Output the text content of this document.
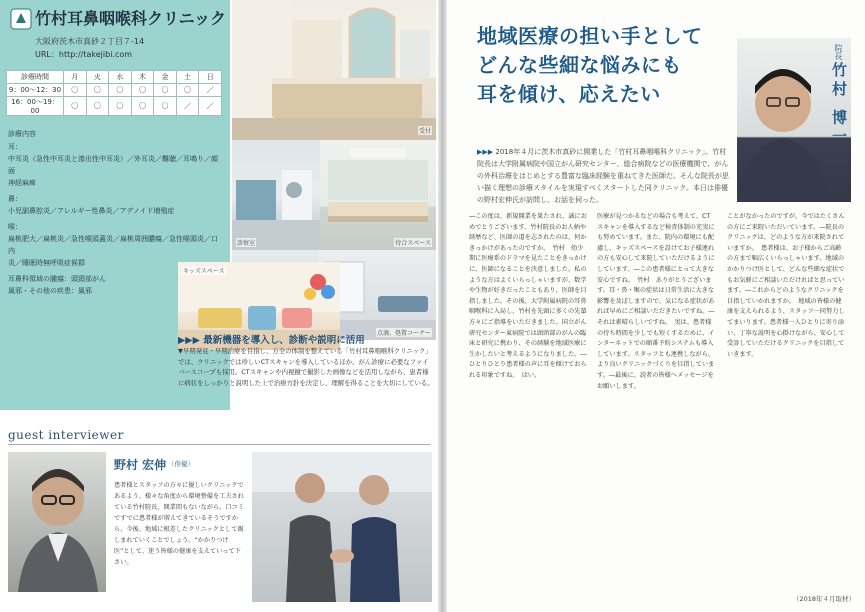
竹村耳鼻咽喉科クリニック
大阪府茨木市真砂２丁目７-14
URL：http://takejibi.com
診療時間	月	火	水	木	金	土	日
9：00～12：30	〇	〇	〇	〇	〇	〇	／
16：00～19：00	〇	〇	〇	〇	〇	／	／
診療内容
耳：
中耳炎（急性中耳炎と滲出性中耳炎）／外耳炎／難聴／耳鳴り／顔面
神経麻痺
鼻：
小児副鼻腔炎／アレルギー性鼻炎／アデノイド増殖症
喉：
扁桃肥大／扁桃炎／急性喉頭蓋炎／扁桃周囲膿瘍／急性喉頭炎／口内
炎／睡眠時無呼吸症候群
耳鼻科領域の腫瘍：頭頸部がん
風邪・その他の疾患：風邪
受付
待合スペース
診察室
点滴、処置コーナー
キッズスペース
▶▶▶ 最新機器を導入し、診断や説明に活用
▼早期発見・早期治療を目指し、万全の体制を整えている「竹村耳鼻咽喉科クリニック」では、クリニックでは珍しいCTスキャンを導入しているほか、がん診療に必要なファイバースコープも採用。CTスキャンや内視鏡で撮影した画像などを活用しながら、患者様に病状をしっかりと説明した上で治療方針を決定し、理解を得ることを大切にしている。
guest interviewer
野村 宏伸 （俳優）
患者様とスタッフの方々に優しいクリニックであるよう、様々な角度から環境整備を工夫されている竹村院長。開業間もないながら、口コミですでに患者様が増えてきているそうですから、今後、地域に根差したクリニックとして親しまれていくことでしょう。“かかりつけ医”として、迷う皆様の健康を支えていって下さい。
地域医療の担い手として
どんな些細な悩みにも
耳を傾け、応えたい
院長
竹村 博一
▶▶▶ 2018年４月に茨木市真砂に開業した「竹村耳鼻咽喉科クリニック」。竹村院長は大学附属病院や国立がん研究センター、総合病院などの医療機関で、がんの外科治療をはじめとする豊富な臨床経験を重ねてきた医師だ。そんな院長が思い描く理想の診療スタイルを実現すべくスタートした同クリニック。本日は俳優の野村宏伸氏が訪問し、お話を伺った。
―この度は、新規開業を果たされ、誠におめでとうございます。竹村院長のお人柄や経歴など、医師の道を志されたのは、何かきっかけがあったのですか。　竹村　幼少期に医療系のドラマを見たことをきっかけに、医師になることを決意しました。私のような方はよくいらっしゃいますが、数学や生物が好きだったこともあり、医師を目指しました。その後、大学附属病院の耳鼻咽喉科に入局し、竹村を先頭に多くの先輩方々にご指導をいただきました。国立がん研究センター東病院では頭頸部のがんの臨床と研究に携わり、その経験を地域医療に生かしたいと考えるようになりました。―ひとりひとり患者様の声に耳を傾けておられる印象ですね。　はい。
医療が見つかるなどの場合も考えて、CTスキャンを導入するなど検査体制の充実にも努めています。また、院内の環境にも配慮し、キッズスペースを設けてお子様連れの方も安心して来院していただけるようにしています。―この患者様にとって大きな安心ですね。　竹村　ありがとうございます。耳・鼻・喉の症状は日常生活に大きな影響を及ぼしますので、気になる症状があれば早めにご相談いただきたいですね。―それは素晴らしいですね。　実は、患者様の待ち時間を少しでも短くするために、インターネットでの順番予約システムも導入しています。スタッフとも連携しながら、より良いクリニックづくりを目指しています。―最後に、読者の皆様へメッセージをお願いします。
ことがなかったのですが、今ではたくさんの方にご来院いただいています。―院長のクリニックは、どのような方が来院されていますか。　患者様は、お子様からご高齢の方まで幅広くいらっしゃいます。地域のかかりつけ医として、どんな些細な症状でもお気軽にご相談いただければと思っています。―これからどのようなクリニックを目指していかれますか。　地域の皆様の健康を支えられるよう、スタッフ一同努力してまいります。患者様一人ひとりに寄り添い、丁寧な説明を心掛けながら、安心して受診していただけるクリニックを目指していきます。
（2018年４月取材）
